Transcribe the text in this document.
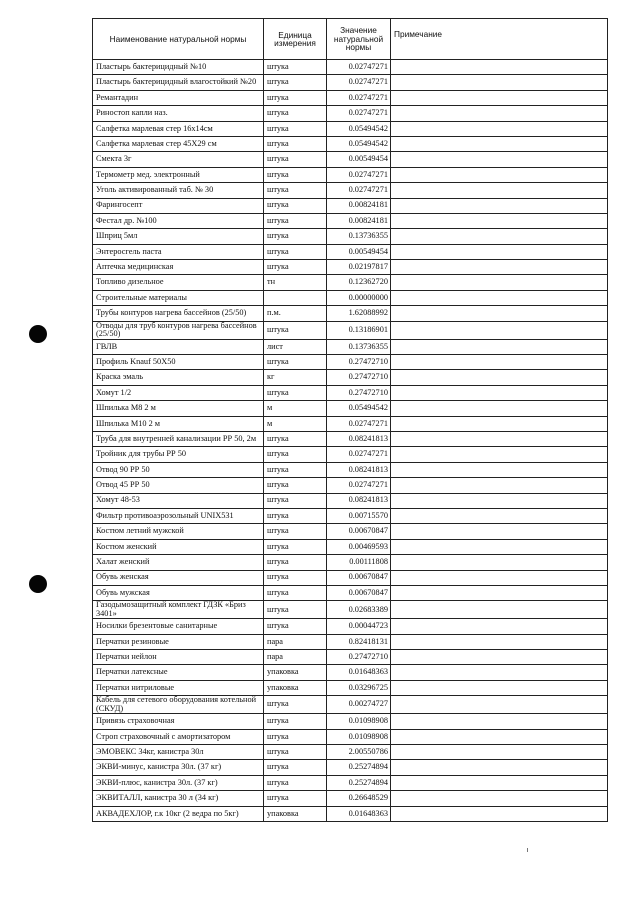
Наименование натуральной нормы	Единица измерения	Значение натуральной нормы	Примечание
Пластырь бактерицидный №10	штука	0.02747271	
Пластырь бактерицидный влагостойкий №20	штука	0.02747271	
Ремантадин	штука	0.02747271	
Риностоп капли наз.	штука	0.02747271	
Салфетка марлевая стер 16x14см	штука	0.05494542	
Салфетка марлевая стер 45X29 см	штука	0.05494542	
Смекта 3г	штука	0.00549454	
Термометр мед. электронный	штука	0.02747271	
Уголь активированный таб. № 30	штука	0.02747271	
Фарингосепт	штука	0.00824181	
Фестал др. №100	штука	0.00824181	
Шприц 5мл	штука	0.13736355	
Энтеросгель паста	штука	0.00549454	
Аптечка медицинская	штука	0.02197817	
Топливо дизельное	тн	0.12362720	
Строительные материалы		0.00000000	
Трубы контуров нагрева бассейнов (25/50)	п.м.	1.62088992	
Отводы для труб контуров нагрева бассейнов (25/50)	штука	0.13186901	
ГВЛВ	лист	0.13736355	
Профиль Knauf 50X50	штука	0.27472710	
Краска эмаль	кг	0.27472710	
Хомут 1/2	штука	0.27472710	
Шпилька М8 2 м	м	0.05494542	
Шпилька М10 2 м	м	0.02747271	
Труба для внутренней канализации РР 50, 2м	штука	0.08241813	
Тройник для трубы РР 50	штука	0.02747271	
Отвод 90 РР 50	штука	0.08241813	
Отвод 45 РР 50	штука	0.02747271	
Хомут 48-53	штука	0.08241813	
Фильтр противоаэрозольный UNIX531	штука	0.00715570	
Костюм летний мужской	штука	0.00670847	
Костюм женский	штука	0.00469593	
Халат женский	штука	0.00111808	
Обувь женская	штука	0.00670847	
Обувь мужская	штука	0.00670847	
Газодымозащитный комплект ГДЗК «Бриз 3401»	штука	0.02683389	
Носилки брезентовые санитарные	штука	0.00044723	
Перчатки резиновые	пара	0.82418131	
Перчатки нейлон	пара	0.27472710	
Перчатки латексные	упаковка	0.01648363	
Перчатки нитриловые	упаковка	0.03296725	
Кабель для сетевого оборудования котельной (СКУД)	штука	0.00274727	
Привязь страховочная	штука	0.01098908	
Строп страховочный с амортизатором	штука	0.01098908	
ЭМОВЕКС 34кг, канистра 30л	штука	2.00550786	
ЭКВИ-минус, канистра 30л. (37 кг)	штука	0.25274894	
ЭКВИ-плюс, канистра 30л. (37 кг)	штука	0.25274894	
ЭКВИТАЛЛ, канистра 30 л (34 кг)	штука	0.26648529	
АКВАДЕХЛОР, г.к 10кг (2 ведра по 5кг)	упаковка	0.01648363	
